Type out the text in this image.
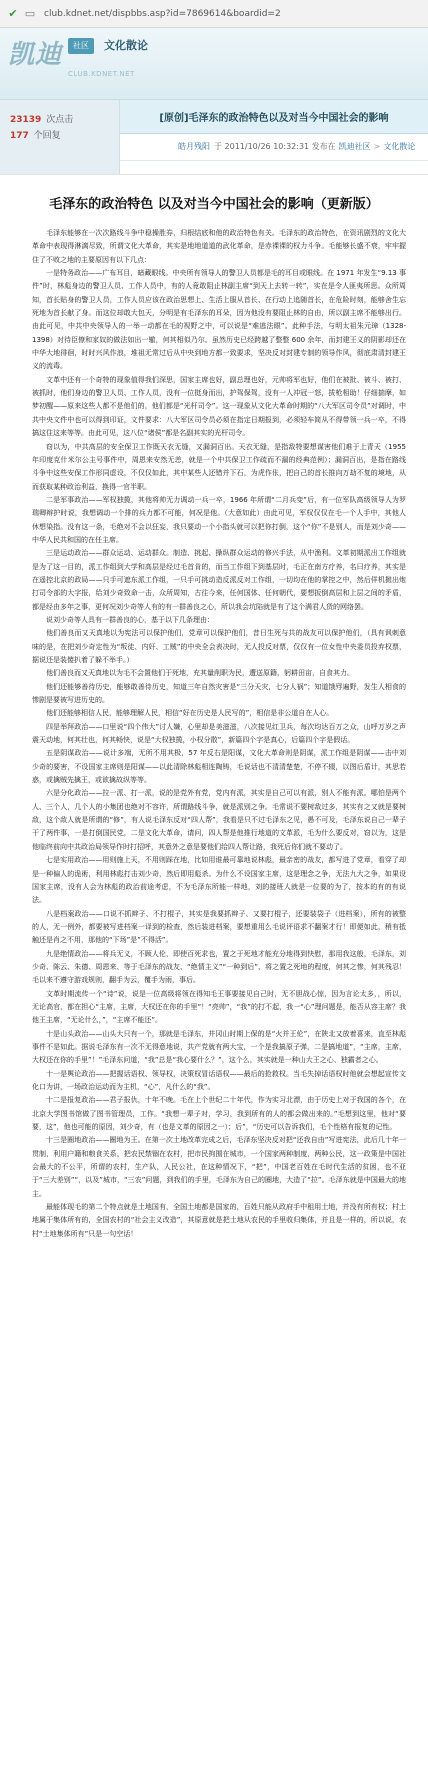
✔ ▭ club.kdnet.net/dispbbs.asp?id=7869614&boardid=2
凯迪	社区	文化散论
CLUB.KDNET.NET
23139 次点击
177 个回复
[原创]毛泽东的政治特色以及对当今中国社会的影响
皓月残阳 于 2011/10/26 10:32:31 发布在 凯迪社区 > 文化散论
毛泽东的政治特色 以及对当今中国社会的影响（更新版）

毛泽东能够在一次次路线斗争中稳操胜券，归根结底和他的政治特色有关。毛泽东的政治特色，在资讯剧烈的文化大革命中表现得淋漓尽致，所谓文化大革命，其实是地地道道的武化革命，是赤裸裸的权力斗争。毛能够长盛不衰，牢牢握住了不败之地的主要原因有以下几点：

一是特务政治——广布耳目，暗藏眼线。中央所有领导人的警卫人员都是毛的耳目或眼线。在 1971 年发生“9.13 事件”时，林彪身边的警卫人员、工作人员中，有的人竟敢阻止林副主席“到天上去转一转”，实在是令人匪夷所思。众所周知，首长贴身的警卫人员，工作人员应该在政治思想上、生活上服从首长、在行动上追随首长，在危险时刻，能够舍生忘死地为首长献了身。而这位却敢大包天，分明是有毛泽东的耳朵，因为他没有要阻止林的自由，所以副主席不能够出行。由此可见，中共中央领导人的一举一动都在毛的视野之中，可以说是“难逃法眼”。此种手法，与明太祖朱元璋（1328-1398）对待臣僚和家奴的做法如出一辙，何其相似乃尔。虽然历史已经跨越了整整 600 余年，而封建王义的阴影却还在中华大地徘徊，时时兴风作浪，堆祖无常过后从中央到地方都一致要求，坚决反对封建专制的领导作风，彻底肃清封建王义的流毒。

文革中还有一个奇特的现象值得我们深思，国家主席也好，副总理也好，元帅将军也好，他们在被批、被斗、被打、被抓时，他们身边的警卫人员、工作人员，没有一位挺身而出，护驾保驾，没有一人冲冠一怒，拔枪相助！仔细揣摩，如梦初醒——原来这些人都不是他们的，他们都是“光杆司令”。这一现象从文化大革命时期的“八大军区司令员”对调时，中共中央文件中也可以得到印证，文件要求：八大军区司令员必须在指定日期报到，必须轻车简从不得带领一兵一卒，不得搞这住这来等等。由此可见，这八位“诸侯”都是名副其实的光杆司令。

窃以为，中共高层的安全保卫工作既天衣无缝，又漏洞百出。天衣无缝，是指敌特要想谋害他们难于上青天（1955 年印度克什米尔公主号事件中，周恩来安然无恙，就是一个中共保卫工作疏而不漏的经典范例）；漏洞百出，是指在路线斗争中这些安保工作形同虚设，不仅仅如此，其中某些人还错并下石，为虎作伥，把自己的首长推向万劫不复的境地，从而获取某种政治利益，换得一官半职。

二是军事政治——军权独揽，其他将帅无力调动一兵一卒，1966 年所谓“二月兵变”后，有一位军队高级领导人为罗瑞卿辩护时说，我想调动一个排的兵力都不可能，何况是他。（大意如此）由此可见，军权仅仅在毛一个人手中，其他人休想染指。没有这一条，毛绝对不会以狂妄，我只要动一个小指头就可以把你打倒，这个“你”不是别人，而是刘少奇——中华人民共和国的在任主席。

三是运动政治——群众运动、运动群众。制造、挑起、操纵群众运动的修兴手法，从中渔利。文革初期派出工作组就是为了这一目的，派工作组到大学和高层是经过毛首肯的，而当工作组下到基层时，毛正在南方疗养，名曰疗养，其实是在遥控北京的政局——只手可遮东派工作组，一只手可挑动造反派反对工作组，一切均在他的掌控之中，然后佯机拋出炮打司令部的大字报，给刘少奇致命一击，众所周知，古往今来，任何国体、任何朝代，要想扳倒高层和上层之间的矛盾，都是经由多年之事，更何况刘少奇等人有的有一群善良之心，所以我会坑陷就是有了这个满君人货的网络罢。

说刘少奇等人具有一群善良的心，基于以下几条理由：

他们善良而又天真地以为宪法可以保护他们，党章可以保护他们，昔日生死与共的战友可以保护他们，（具有讽刺意味的是，在把刘少奇定性为“叛徒、内奸、工贼”的中央全会表决时，无人投反对票，仅仅有一位女性中央委员投弃权票，据说还是装傻扒着了躲不举手。）

他们善良而又天真地以为毛不会置他们于死地，充其量削职为民，遭送原籍，躬耕田亩，自食其力。

他们还能够善待历史，能够敢善待历史，知道三年自然灾害是“三分天灾，七分人祸”；知道饿殍遍野，发生人相食的惨剧是要被写进历史的。

他们还能够相信人民，能够理解人民，相信“好在历史是人民写的”，相信是非公道自在人心。

四是举拜政治——口里说“四个伟大”讨人嫌，心里却是美滋滋，八次接见红卫兵，每次均达百万之众，山呼万岁之声震天动地，何其壮也，何其畅快，说是“大权独揽，小权分散”，新篇四个字是真心，后篇四个字是假话。

五是阴谋政治——说计多端，无所不用其极，57 年反右是阳谋，文化大革命则是阴谋，派工作组是阴谋——击中刘少奇的要害，不设国家主席则是阳谋——以此清除林彪相连陶铸，毛说话也不清清楚楚，不停不辍，以图后盾计，其思若惑，或擒贼先擒王，或欲擒故纵等等。

六是分化政治——拉一派、打一派，说的是党外有党，党内有派，其实是自己可以有派，别人不能有派。哪怕是两个人、三个人，几个人的小集团也绝对不容许，所谓路线斗争，就是派别之争。毛常说不要树敌过多，其实有之又就是要树敌，这个敌人就是所谓的“修”，有人说毛泽东反对“四人帮”，我看是只不过毛泽东之见，愚不可及，毛泽东说自己一辈子干了两件事，一是打倒国民党，二是文化大革命，请问，四人帮是他推行地道的文革派，毛为什么要反对，窃以为，这是他临终前向中共政治局领导作时打招呼，其意外之意是要他们给四人帮让路，我死后你们就不要动了。

七是实用政治——用则施上天，不用则踩在地，比如用谁最可靠地说林彪，最亲密的战友，都写进了党章，看穿了却是一种偏人的诡術，利用林彪打击刘少奇，然后即用彪杀。为什么不设国家主席，这是理念之争，无法九大之争，如果设国家主席，没有人会为林彪的政治前途考虑，不为毛泽东所能一样地，刘的接班人就是一位要的为了，按本的有的有说法。

八是档案政治——口说不抓辫子、不打棍子，其实是我要抓辫子、又要打棍子，还要装袋子（进档案），所有的被整的人，无一例外，都要被写进档案一译到的检查，然后装进档案，要想重用么毛说评语求不翻案才行！即便如此，稍有抵触还是肖之不用，那他的“下场”是”不得活”。

九是绝情政治——将兵无义，不顾人伦，即使百死求也，置之于死地才能充分地得到快慰，那用我这般，毛泽东，刘少奇、陈云、朱德、周恩来、等于毛泽东的战友、“绝情主义”“一种到后”、将之置之死地的程度，何其之惨，何其残忍！毛以来不遵守游戏规则，翻手为云，覆手为雨，事后。

文革时期流传一个“诗”说，说是一位高级将领在得知毛王事要接见自己时，无不胆战心惊，因为言论太多，，所以，无论高官，都在担心“主席，主席，大权还在你的手里”！“亮帅”，“我”的打不起，我一“心”理问题是，能否从容主席？我他王主席，“无论什么，”，“主席不能还”。

十是山头政治——山头大只有一个，那就是毛泽东，井冈山时期上保的是“火并王伦”，在陕北又放着喜来，直至林彪事件不是如此。据说毛泽东有一次不无得意地说，共产党就有两大宝，一个是我搞原子弹，二是搞地道”，“主席，主席，大权还在你的手里”！”毛泽东问道，“我”总是“我心要什么？”，这个么，其实就是一种山大王之心、独霸者之心。

十一是舆论政治——把握话语权、领导权，决策权冒话语权——最后的抢救权。当毛失掉话语权时他就会想起宣传文化口为讲，一场政治运动而为主机，“心”，凡什么的“我”。

十二是报复政治——君子报仇，十年不晚。毛在上个世纪二十年代，作为实习北漂，由于历史上对于我国的各个，在北京大学图书馆做了图书管理员，工作。“我想一辈子对，学习，我到所有的人的都会做出来的。”毛想到这里，他对“要要，这”，他也可能的原因，刘少奇，有（也是文革的原因之一）；后”，“历史可以告诉我们，毛个性格有报复的记性。

十三是圈地政治——圈地为王。在第一次土地改革完成之后，毛泽东坚决反对把“还我自由”写进宪法，此后几十年一贯制，利用户籍和粮食关系，把农民禁锢在农村，把市民拘囿在城市，一个国家两种制度，两种公民，这一政策是中国社会最大的不公平，所谓的农村，生产队，人民公社，在这种情况下，“把”，中国老百姓在毛时代生活的贫困，也不亚于“三大差别”“，以及”城市，“三农”问题，到我们的手里，毛泽东为自己的圈地，大造了“拉”。毛泽东就是中国最大的地主。

最能体现毛的第二个特点就是土地国有，全国土地都是国家的，百姓只能从政府手中租用土地，并没有所有权；村土地属于集体所有的，全国农村的“社会主义改造”，其原意就是把土地从农民的手里收归集体，并且是一样的，所以说，农村“土地集体所有”只是一句空话！
